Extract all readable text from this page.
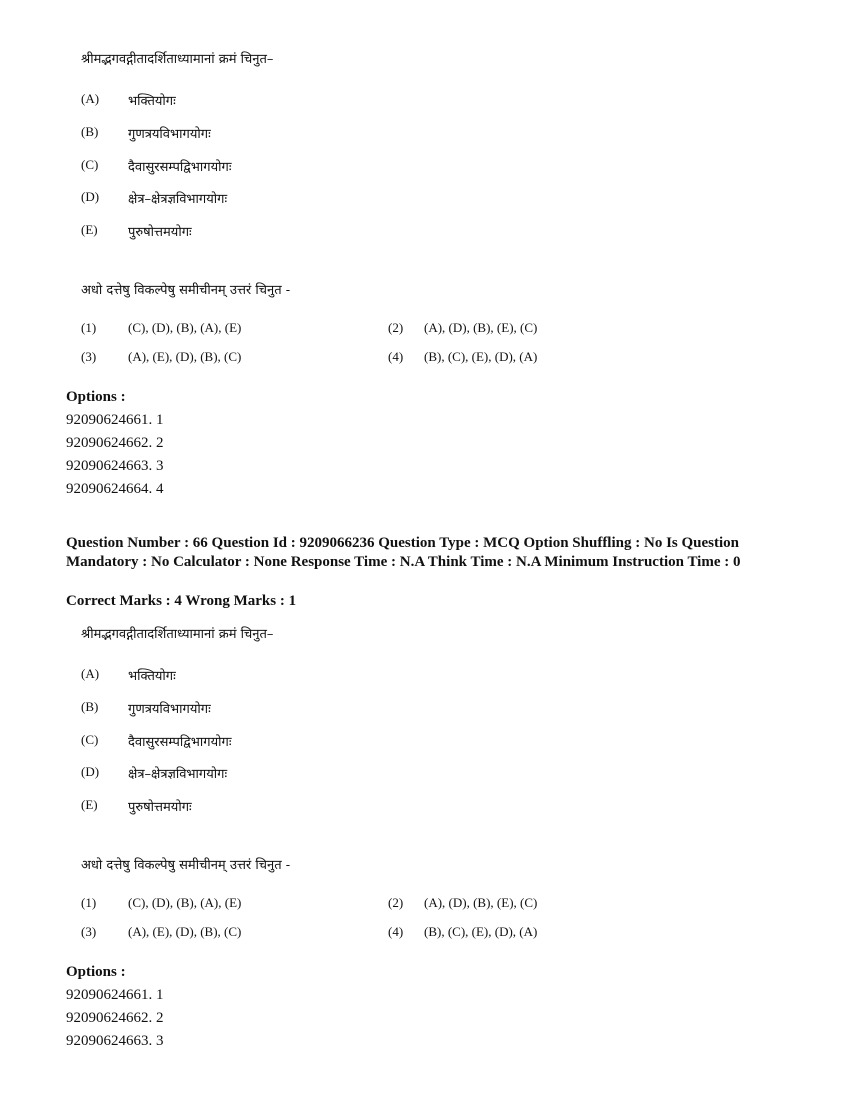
श्रीमद्भगवद्गीतादर्शिताध्यामानां क्रमं चिनुत–
(A) भक्तियोगः
(B) गुणत्रयविभागयोगः
(C) दैवासुरसम्पद्विभागयोगः
(D) क्षेत्र–क्षेत्रज्ञविभागयोगः
(E) पुरुषोत्तमयोगः
अधो दत्तेषु विकल्पेषु समीचीनम् उत्तरं चिनुत -
(1) (C), (D), (B), (A), (E)	(2) (A), (D), (B), (E), (C)
(3) (A), (E), (D), (B), (C)	(4) (B), (C), (E), (D), (A)
Options :
92090624661. 1
92090624662. 2
92090624663. 3
92090624664. 4
Question Number : 66 Question Id : 9209066236 Question Type : MCQ Option Shuffling : No Is Question Mandatory : No Calculator : None Response Time : N.A Think Time : N.A Minimum Instruction Time : 0
Correct Marks : 4 Wrong Marks : 1
श्रीमद्भगवद्गीतादर्शिताध्यामानां क्रमं चिनुत–
(A) भक्तियोगः
(B) गुणत्रयविभागयोगः
(C) दैवासुरसम्पद्विभागयोगः
(D) क्षेत्र–क्षेत्रज्ञविभागयोगः
(E) पुरुषोत्तमयोगः
अधो दत्तेषु विकल्पेषु समीचीनम् उत्तरं चिनुत -
(1) (C), (D), (B), (A), (E)	(2) (A), (D), (B), (E), (C)
(3) (A), (E), (D), (B), (C)	(4) (B), (C), (E), (D), (A)
Options :
92090624661. 1
92090624662. 2
92090624663. 3
